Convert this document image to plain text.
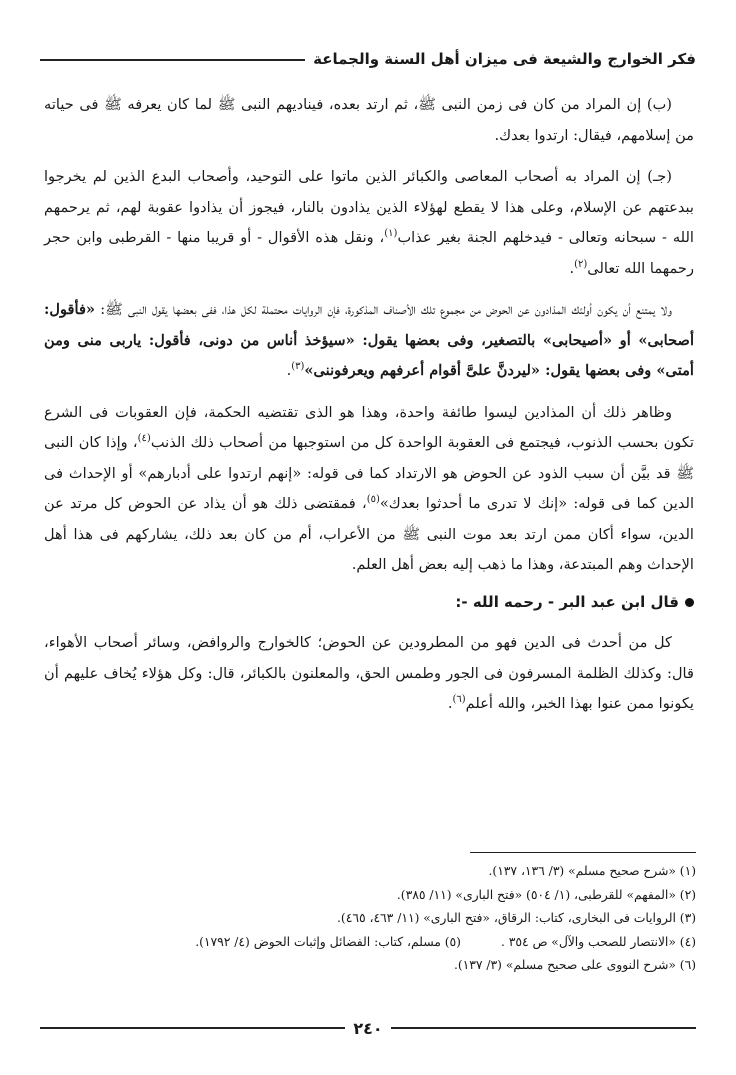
فكر الخوارج والشيعة فى ميزان أهل السنة والجماعة

(ب) إن المراد من كان فى زمن النبى ﷺ، ثم ارتد بعده، فيناديهم النبى ﷺ لما كان يعرفه ﷺ فى حياته من إسلامهم، فيقال: ارتدوا بعدك.

(جـ) إن المراد به أصحاب المعاصى والكبائر الذين ماتوا على التوحيد، وأصحاب البدع الذين لم يخرجوا ببدعتهم عن الإسلام، وعلى هذا لا يقطع لهؤلاء الذين يذادون بالنار، فيجوز أن يذادوا عقوبة لهم، ثم يرحمهم الله - سبحانه وتعالى - فيدخلهم الجنة بغير عذاب$^{(١)}$، ونقل هذه الأقوال - أو قريبا منها - القرطبى وابن حجر رحمهما الله تعالى$^{(٢)}$.

ولا يمتنع أن يكون أولئك المذادون عن الحوض من مجموع تلك الأصناف المذكورة، فإن الروايات محتملة لكل هذا، ففى بعضها يقول النبى ﷺ: «فأقول: أصحابى» أو «أصيحابى» بالتصغير، وفى بعضها يقول: «سيؤخذ أناس من دونى، فأقول: ياربى منى ومن أمتى» وفى بعضها يقول: «ليردنَّ علىَّ أقوام أعرفهم ويعرفوننى»$^{(٣)}$.

وظاهر ذلك أن المذادين ليسوا طائفة واحدة، وهذا هو الذى تقتضيه الحكمة، فإن العقوبات فى الشرع تكون بحسب الذنوب، فيجتمع فى العقوبة الواحدة كل من استوجبها من أصحاب ذلك الذنب$^{(٤)}$، وإذا كان النبى ﷺ قد بيَّن أن سبب الذود عن الحوض هو الارتداد كما فى قوله: «إنهم ارتدوا على أدبارهم» أو الإحداث فى الدين كما فى قوله: «إنك لا تدرى ما أحدثوا بعدك»$^{(٥)}$، فمقتضى ذلك هو أن يذاد عن الحوض كل مرتد عن الدين، سواء أكان ممن ارتد بعد موت النبى ﷺ من الأعراب، أم من كان بعد ذلك، يشاركهم فى هذا أهل الإحداث وهم المبتدعة، وهذا ما ذهب إليه بعض أهل العلم.

قال ابن عبد البر - رحمه الله -:

كل من أحدث فى الدين فهو من المطرودين عن الحوض؛ كالخوارج والروافض، وسائر أصحاب الأهواء، قال: وكذلك الظلمة المسرفون فى الجور وطمس الحق، والمعلنون بالكبائر، قال: وكل هؤلاء يُخاف عليهم أن يكونوا ممن عنوا بهذا الخبر، والله أعلم$^{(٦)}$.

(١) «شرح صحيح مسلم» (٣/ ١٣٦، ١٣٧).
(٢) «المفهم» للقرطبى، (١/ ٥٠٤) «فتح البارى» (١١/ ٣٨٥).
(٣) الروايات فى البخارى، كتاب: الرقاق، «فتح البارى» (١١/ ٤٦٣، ٤٦٥).
(٤) «الانتصار للصحب والآل» ص ٣٥٤ .
(٥) مسلم، كتاب: الفضائل وإثبات الحوض (٤/ ١٧٩٢).
(٦) «شرح النووى على صحيح مسلم» (٣/ ١٣٧).
٢٤٠
